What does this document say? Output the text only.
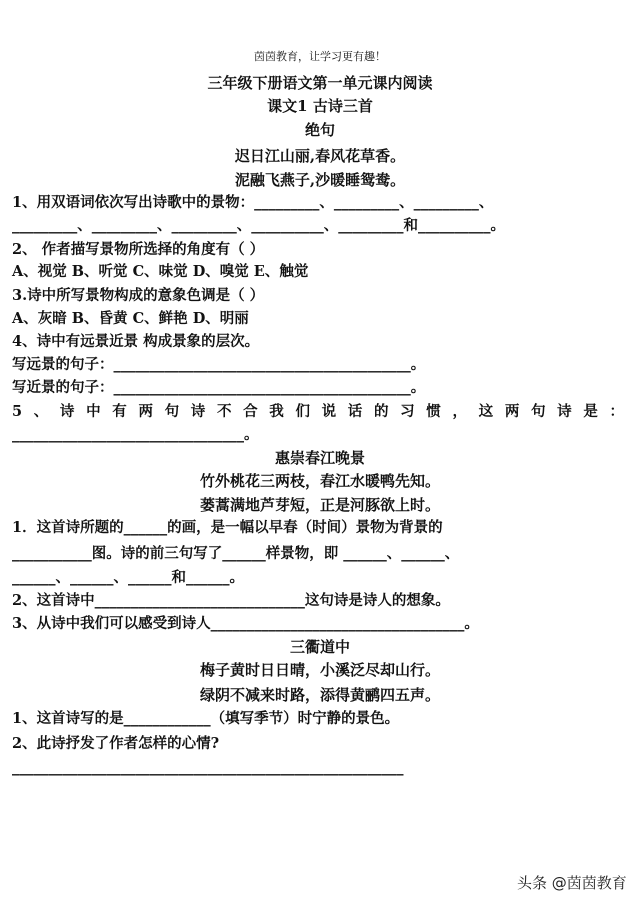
茵茵教育，让学习更有趣！
三年级下册语文第一单元课内阅读
课文1 古诗三首
绝句
迟日江山丽,春风花草香。
泥融飞燕子,沙暖睡鸳鸯。
1、用双语词依次写出诗歌中的景物：_________、_________、_________、
_________、_________、_________、__________、_________和__________。
2、 作者描写景物所选择的角度有（ ）
A、视觉 B、听觉 C、味觉 D、嗅觉 E、触觉
3.诗中所写景物构成的意象色调是（ ）
A、灰暗 B、昏黄 C、鲜艳 D、明丽
4、诗中有远景近景 构成景象的层次。
写远景的句子：_________________________________________。
写近景的句子：_________________________________________。
5、诗中有两句诗不合我们说话的习惯，这两句诗是：
________________________________。
惠崇春江晚景
竹外桃花三两枝，春江水暖鸭先知。
蒌蒿满地芦芽短，正是河豚欲上时。
1．这首诗所题的______的画，是一幅以早春（时间）景物为背景的
___________图。诗的前三句写了______样景物，即 ______、______、
______、______、______和______。
2、这首诗中_____________________________这句诗是诗人的想象。
3、从诗中我们可以感受到诗人___________________________________。
三衢道中
梅子黄时日日晴，小溪泛尽却山行。
绿阴不减来时路，添得黄鹂四五声。
1、这首诗写的是____________（填写季节）时宁静的景色。
2、此诗抒发了作者怎样的心情?
______________________________________________________
头条 @茵茵教育
